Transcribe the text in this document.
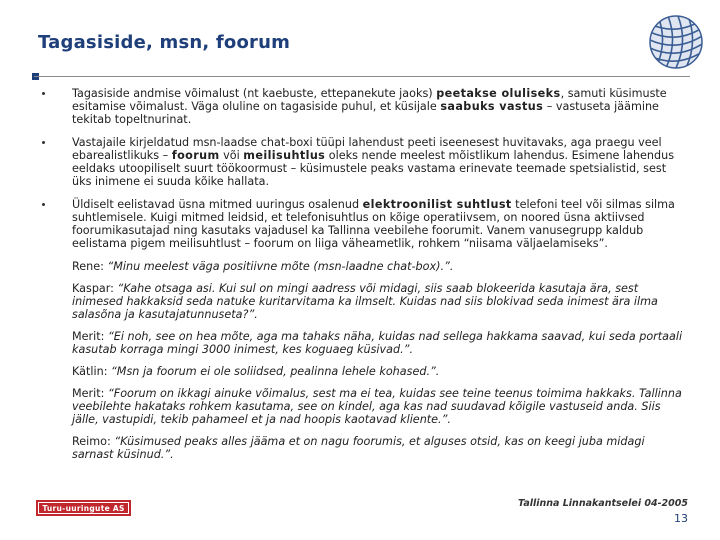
Tagasiside, msn, foorum
Tagasiside andmise võimalust (nt kaebuste, ettepanekute jaoks) peetakse oluliseks, samuti küsimuste esitamise võimalust. Väga oluline on tagasiside puhul, et küsijale saabuks vastus – vastuseta jäämine tekitab topeltnurinat.
Vastajaile kirjeldatud msn-laadse chat-boxi tüüpi lahendust peeti iseenesest huvitavaks, aga praegu veel ebarealistlikuks – foorum või meilisuhtlus oleks nende meelest mõistlikum lahendus. Esimene lahendus eeldaks utoopiliselt suurt töökoormust – küsimustele peaks vastama erinevate teemade spetsialistid, sest üks inimene ei suuda kõike hallata.
Üldiselt eelistavad üsna mitmed uuringus osalenud elektroonilist suhtlust telefoni teel või silmas silma suhtlemisele. Kuigi mitmed leidsid, et telefonisuhtlus on kõige operatiivsem, on noored üsna aktiivsed foorumikasutajad ning kasutaks vajadusel ka Tallinna veebilehe foorumit. Vanem vanusegrupp kaldub eelistama pigem meilisuhtlust – foorum on liiga väheametlik, rohkem “niisama väljaelamiseks”.
Rene: “Minu meelest väga positiivne mõte (msn-laadne chat-box).”.
Kaspar: “Kahe otsaga asi. Kui sul on mingi aadress või midagi, siis saab blokeerida kasutaja ära, sest inimesed hakkaksid seda natuke kuritarvitama ka ilmselt. Kuidas nad siis blokivad seda inimest ära ilma salasõna ja kasutajatunnuseta?”.
Merit: “Ei noh, see on hea mõte, aga ma tahaks näha, kuidas nad sellega hakkama saavad, kui seda portaali kasutab korraga mingi 3000 inimest, kes koguaeg küsivad.”.
Kätlin: “Msn ja foorum ei ole soliidsed, pealinna lehele kohased.”.
Merit: “Foorum on ikkagi ainuke võimalus, sest ma ei tea, kuidas see teine teenus toimima hakkaks. Tallinna veebilehte hakataks rohkem kasutama, see on kindel, aga kas nad suudavad kõigile vastuseid anda. Siis jälle, vastupidi, tekib pahameel et ja nad hoopis kaotavad kliente.”.
Reimo: “Küsimused peaks alles jääma et on nagu foorumis, et alguses otsid, kas on keegi juba midagi sarnast küsinud.”.
Turu-uuringute AS	Tallinna Linnakantselei 04-2005
13
